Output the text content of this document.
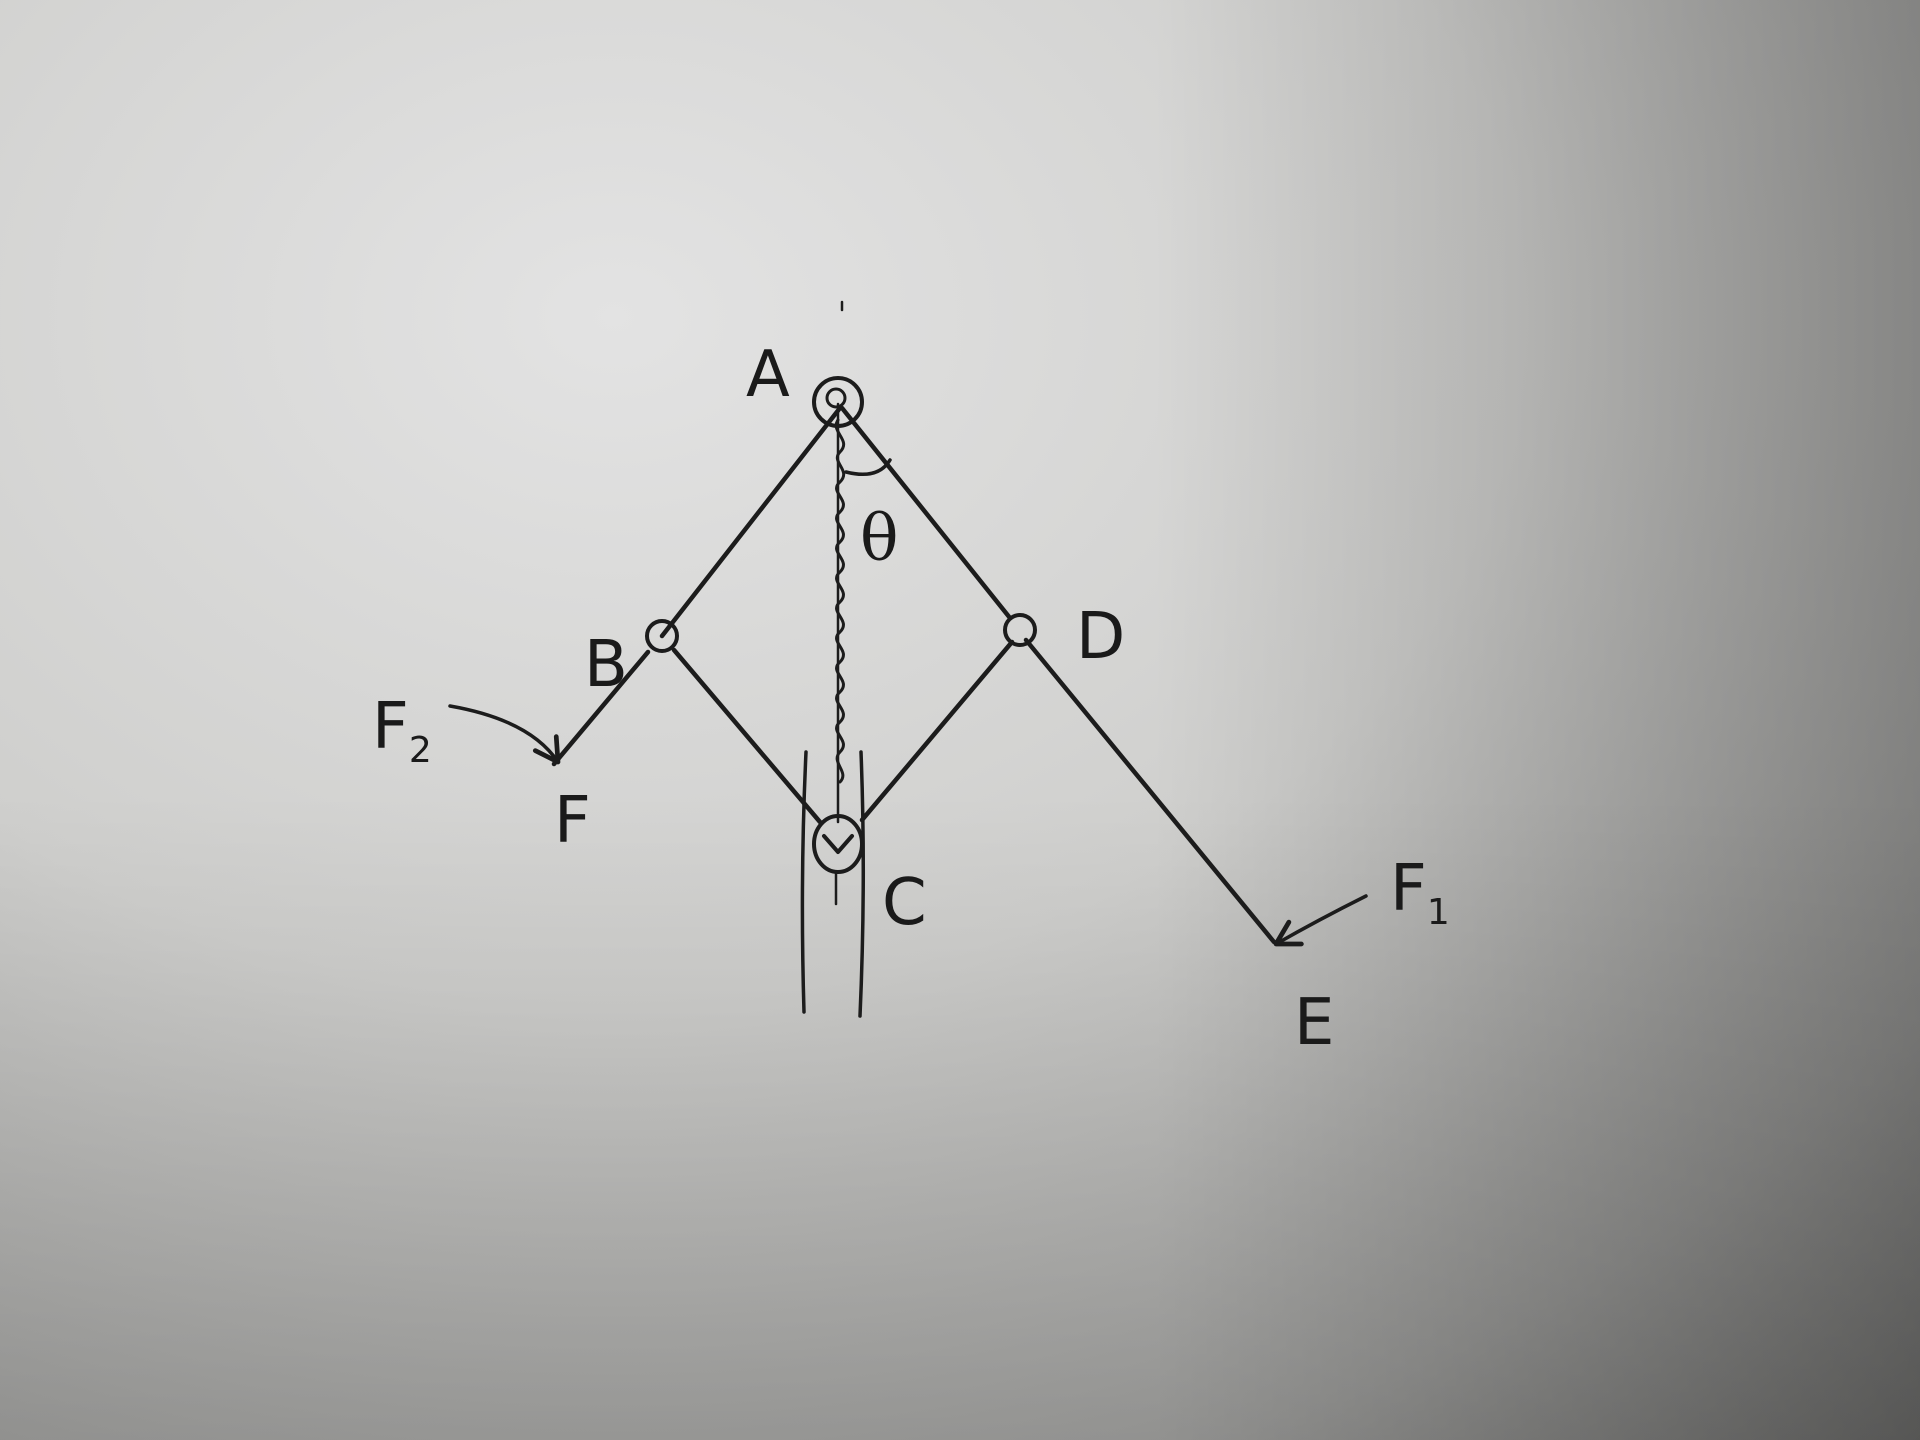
A
B
C
D
E
F
θ
$F_2$
$F_1$
